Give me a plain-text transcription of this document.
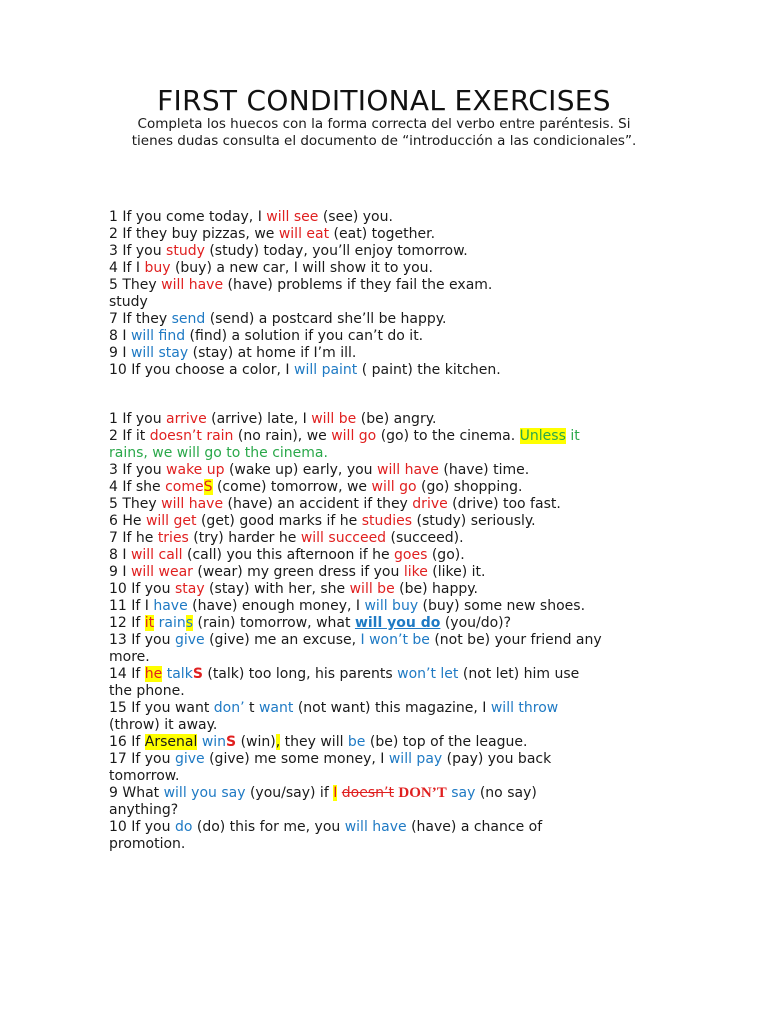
FIRST CONDITIONAL EXERCISES
Completa los huecos con la forma correcta del verbo entre paréntesis. Si
tienes dudas consulta el documento de “introducción a las condicionales”.
1 If you come today, I will see (see) you.
2 If they buy pizzas, we will eat (eat) together.
3 If you study (study) today, you’ll enjoy tomorrow.
4 If I buy (buy) a new car, I will show it to you.
5 They will have (have) problems if they fail the exam.
study
7 If they send (send) a postcard she’ll be happy.
8 I will find (find) a solution if you can’t do it.
9 I will stay (stay) at home if I’m ill.
10 If you choose a color, I will paint ( paint) the kitchen.
1 If you arrive (arrive) late, I will be (be) angry.
2 If it doesn’t rain (no rain), we will go (go) to the cinema. Unless it
rains, we will go to the cinema.
3 If you wake up (wake up) early, you will have (have) time.
4 If she comeS (come) tomorrow, we will go (go) shopping.
5 They will have (have) an accident if they drive (drive) too fast.
6 He will get (get) good marks if he studies (study) seriously.
7 If he tries (try) harder he will succeed (succeed).
8 I will call (call) you this afternoon if he goes (go).
9 I will wear (wear) my green dress if you like (like) it.
10 If you stay (stay) with her, she will be (be) happy.
11 If I have (have) enough money, I will buy (buy) some new shoes.
12 If it rains (rain) tomorrow, what will you do (you/do)?
13 If you give (give) me an excuse, I won’t be (not be) your friend any
more.
14 If he talkS (talk) too long, his parents won’t let (not let) him use
the phone.
15 If you want don’ t want (not want) this magazine, I will throw
(throw) it away.
16 If Arsenal winS (win), they will be (be) top of the league.
17 If you give (give) me some money, I will pay (pay) you back
tomorrow.
9 What will you say (you/say) if I doesn’t DON’T say (no say)
anything?
10 If you do (do) this for me, you will have (have) a chance of
promotion.
